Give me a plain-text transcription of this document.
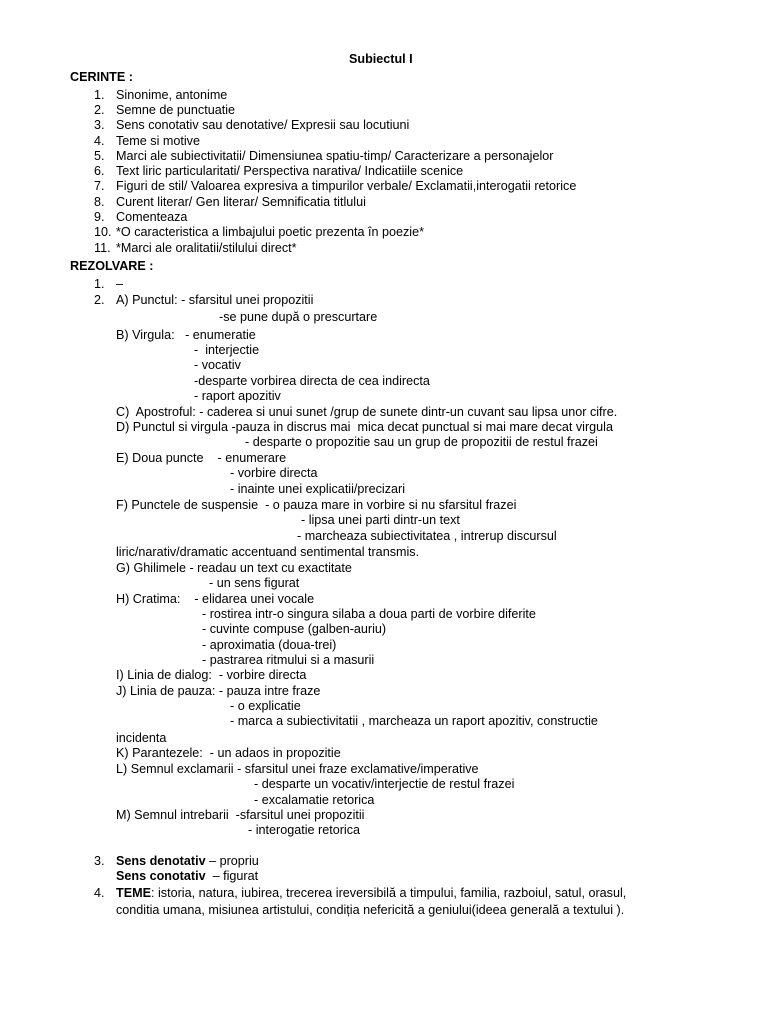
Subiectul I
CERINTE :
1. Sinonime, antonime
2. Semne de punctuatie
3. Sens conotativ sau denotative/ Expresii sau locutiuni
4. Teme si motive
5. Marci ale subiectivitatii/ Dimensiunea spatiu-timp/ Caracterizare a personajelor
6. Text liric particularitati/ Perspectiva narativa/ Indicatiile scenice
7. Figuri de stil/ Valoarea expresiva a timpurilor verbale/ Exclamatii,interogatii retorice
8. Curent literar/ Gen literar/ Semnificatia titlului
9. Comenteaza
10. *O caracteristica a limbajului poetic prezenta în poezie*
11. *Marci ale oralitatii/stilului direct*
REZOLVARE :
1. –
2. A) Punctul: - sfarsitul unei propozitii
-se pune după o prescurtare
B) Virgula:   - enumeratie
-  interjectie
- vocativ
-desparte vorbirea directa de cea indirecta
- raport apozitiv
C)  Apostroful: - caderea si unui sunet /grup de sunete dintr-un cuvant sau lipsa unor cifre.
D) Punctul si virgula -pauza in discrus mai  mica decat punctual si mai mare decat virgula
- desparte o propozitie sau un grup de propozitii de restul frazei
E) Doua puncte    - enumerare
- vorbire directa
- inainte unei explicatii/precizari
F) Punctele de suspensie  - o pauza mare in vorbire si nu sfarsitul frazei
- lipsa unei parti dintr-un text
- marcheaza subiectivitatea , intrerup discursul
liric/narativ/dramatic accentuand sentimental transmis.
G) Ghilimele - readau un text cu exactitate
- un sens figurat
H) Cratima:    - elidarea unei vocale
- rostirea intr-o singura silaba a doua parti de vorbire diferite
- cuvinte compuse (galben-auriu)
- aproximatia (doua-trei)
- pastrarea ritmului si a masurii
I) Linia de dialog:  - vorbire directa
J) Linia de pauza: - pauza intre fraze
- o explicatie
- marca a subiectivitatii , marcheaza un raport apozitiv, constructie
incidenta
K) Parantezele:  - un adaos in propozitie
L) Semnul exclamarii - sfarsitul unei fraze exclamative/imperative
- desparte un vocativ/interjectie de restul frazei
- excalamatie retorica
M) Semnul intrebarii  -sfarsitul unei propozitii
- interogatie retorica
3. Sens denotativ – propriu
Sens conotativ  – figurat
4. TEME: istoria, natura, iubirea, trecerea ireversibilă a timpului, familia, razboiul, satul, orasul,
conditia umana, misiunea artistului, condiția nefericită a geniului(ideea generală a textului ).
